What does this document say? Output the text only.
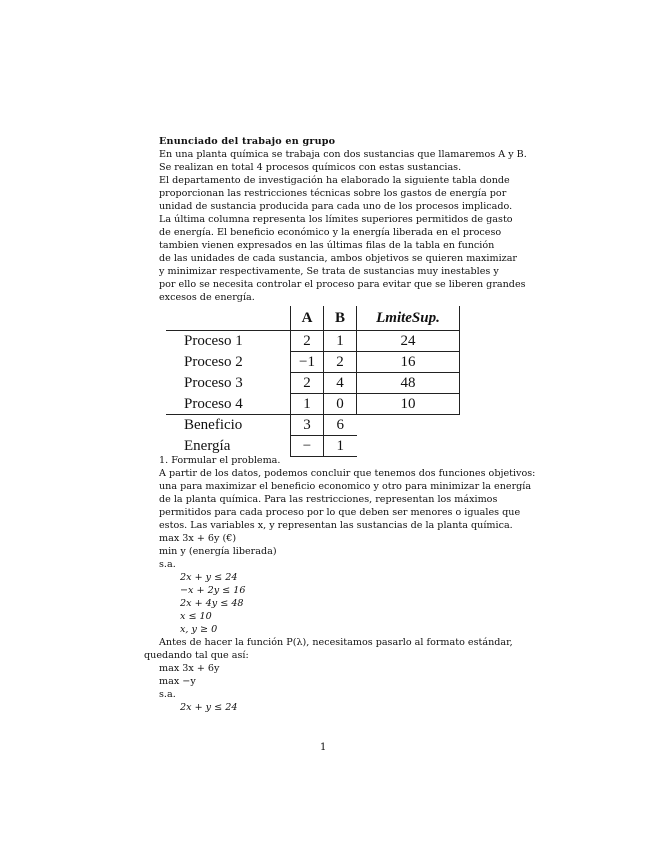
Enunciado del trabajo en grupo
En una planta química se trabaja con dos sustancias que llamaremos A y B.
Se realizan en total 4 procesos químicos con estas sustancias.
El departamento de investigación ha elaborado la siguiente tabla donde
proporcionan las restricciones técnicas sobre los gastos de energía por
unidad de sustancia producida para cada uno de los procesos implicado.
La última columna representa los límites superiores permitidos de gasto
de energía. El beneficio económico y la energía liberada en el proceso
tambien vienen expresados en las últimas filas de la tabla en función
de las unidades de cada sustancia, ambos objetivos se quieren maximizar
y minimizar respectivamente, Se trata de sustancias muy inestables y
por ello se necesita controlar el proceso para evitar que se liberen grandes
excesos de energía.
	A	B	LmiteSup.
Proceso 1	2	1	24
Proceso 2	−1	2	16
Proceso 3	2	4	48
Proceso 4	1	0	10
Beneficio	3	6	
Energía	−	1	
1. Formular el problema.
A partir de los datos, podemos concluir que tenemos dos funciones objetivos:
una para maximizar el beneficio economico y otro para minimizar la energía
de la planta química. Para las restricciones, representan los máximos
permitidos para cada proceso por lo que deben ser menores o iguales que
estos. Las variables x, y representan las sustancias de la planta química.
max 3x + 6y (€)
min y (energía liberada)
s.a.
2x + y ≤ 24
−x + 2y ≤ 16
2x + 4y ≤ 48
x ≤ 10
x, y ≥ 0
Antes de hacer la función P(λ), necesitamos pasarlo al formato estándar,
quedando tal que así:
max 3x + 6y
max −y
s.a.
2x + y ≤ 24
1
